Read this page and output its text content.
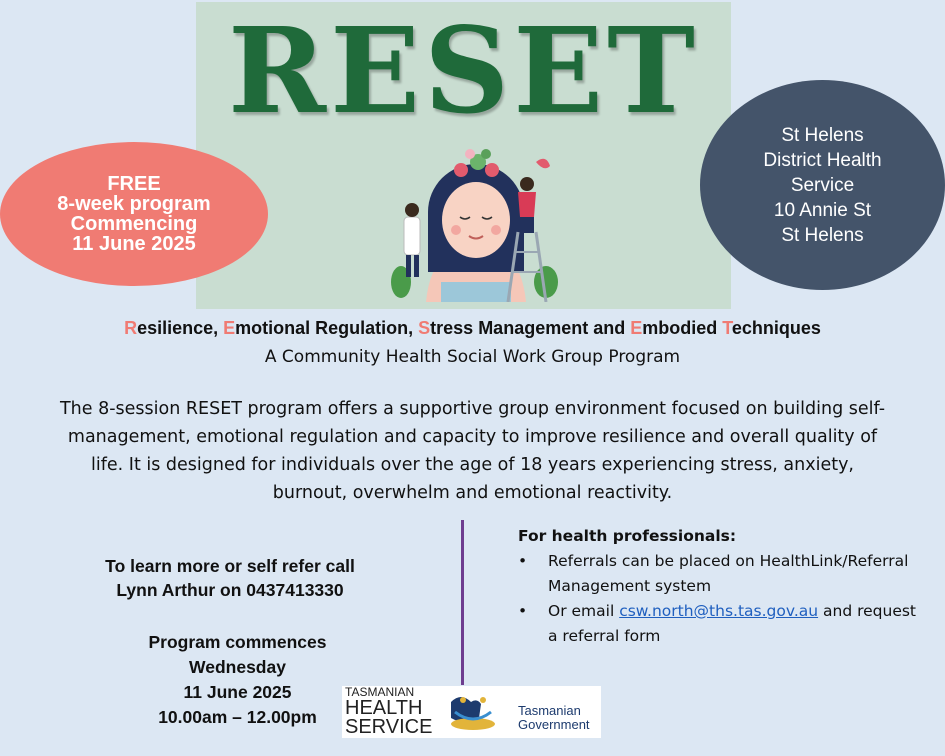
RESET
FREE
8-week program
Commencing
11 June 2025
St Helens
District Health
Service
10 Annie St
St Helens
Resilience, Emotional Regulation, Stress Management and Embodied Techniques
A Community Health Social Work Group Program
The 8-session RESET program offers a supportive group environment focused on building self-management, emotional regulation and capacity to improve resilience and overall quality of life. It is designed for individuals over the age of 18 years experiencing stress, anxiety, burnout, overwhelm and emotional reactivity.
To learn more or self refer call
Lynn Arthur on 0437413330
Program commences
Wednesday
11 June 2025
10.00am – 12.00pm
For health professionals:
• Referrals can be placed on HealthLink/Referral Management system
• Or email csw.north@ths.tas.gov.au and request a referral form
TASMANIAN
HEALTH
SERVICE
Tasmanian
Government
